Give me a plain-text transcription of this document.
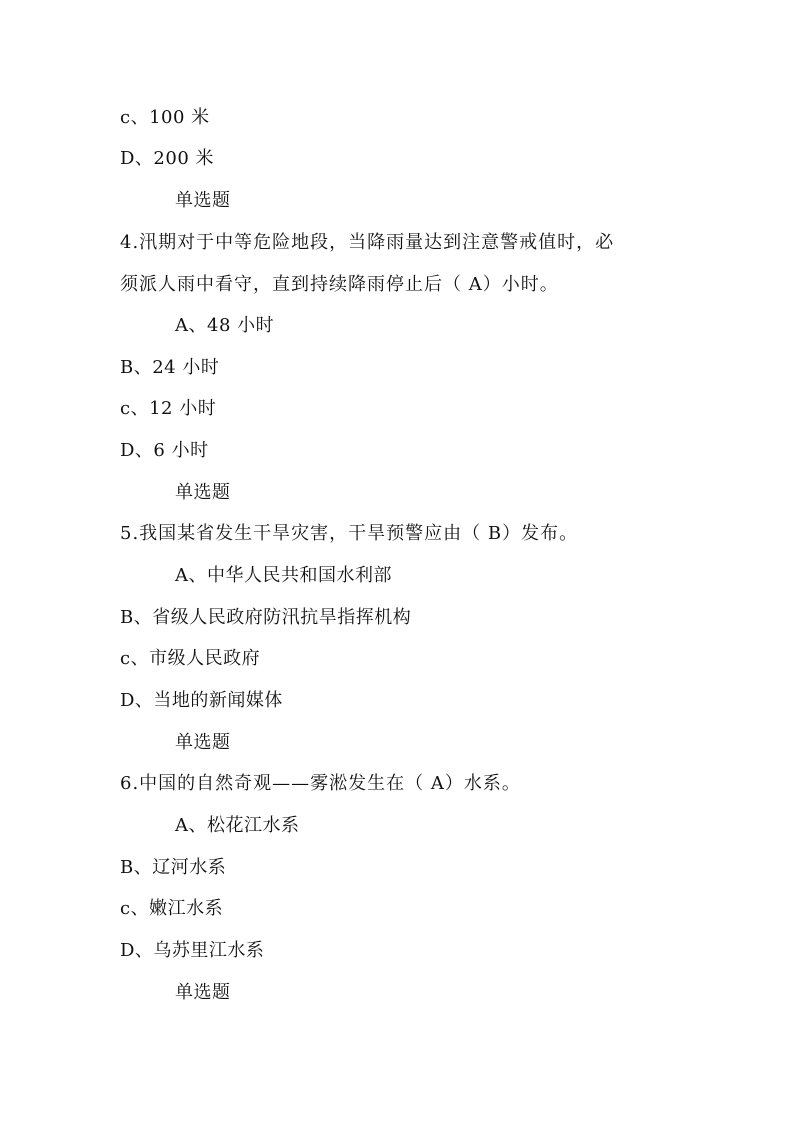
c、100 米
D、200 米
单选题
4.汛期对于中等危险地段，当降雨量达到注意警戒值时，必
须派人雨中看守，直到持续降雨停止后（ A）小时。
A、48 小时
B、24 小时
c、12 小时
D、6 小时
单选题
5.我国某省发生干旱灾害，干旱预警应由（ B）发布。
A、中华人民共和国水利部
B、省级人民政府防汛抗旱指挥机构
c、市级人民政府
D、当地的新闻媒体
单选题
6.中国的自然奇观——雾淞发生在（ A）水系。
A、松花江水系
B、辽河水系
c、嫩江水系
D、乌苏里江水系
单选题
